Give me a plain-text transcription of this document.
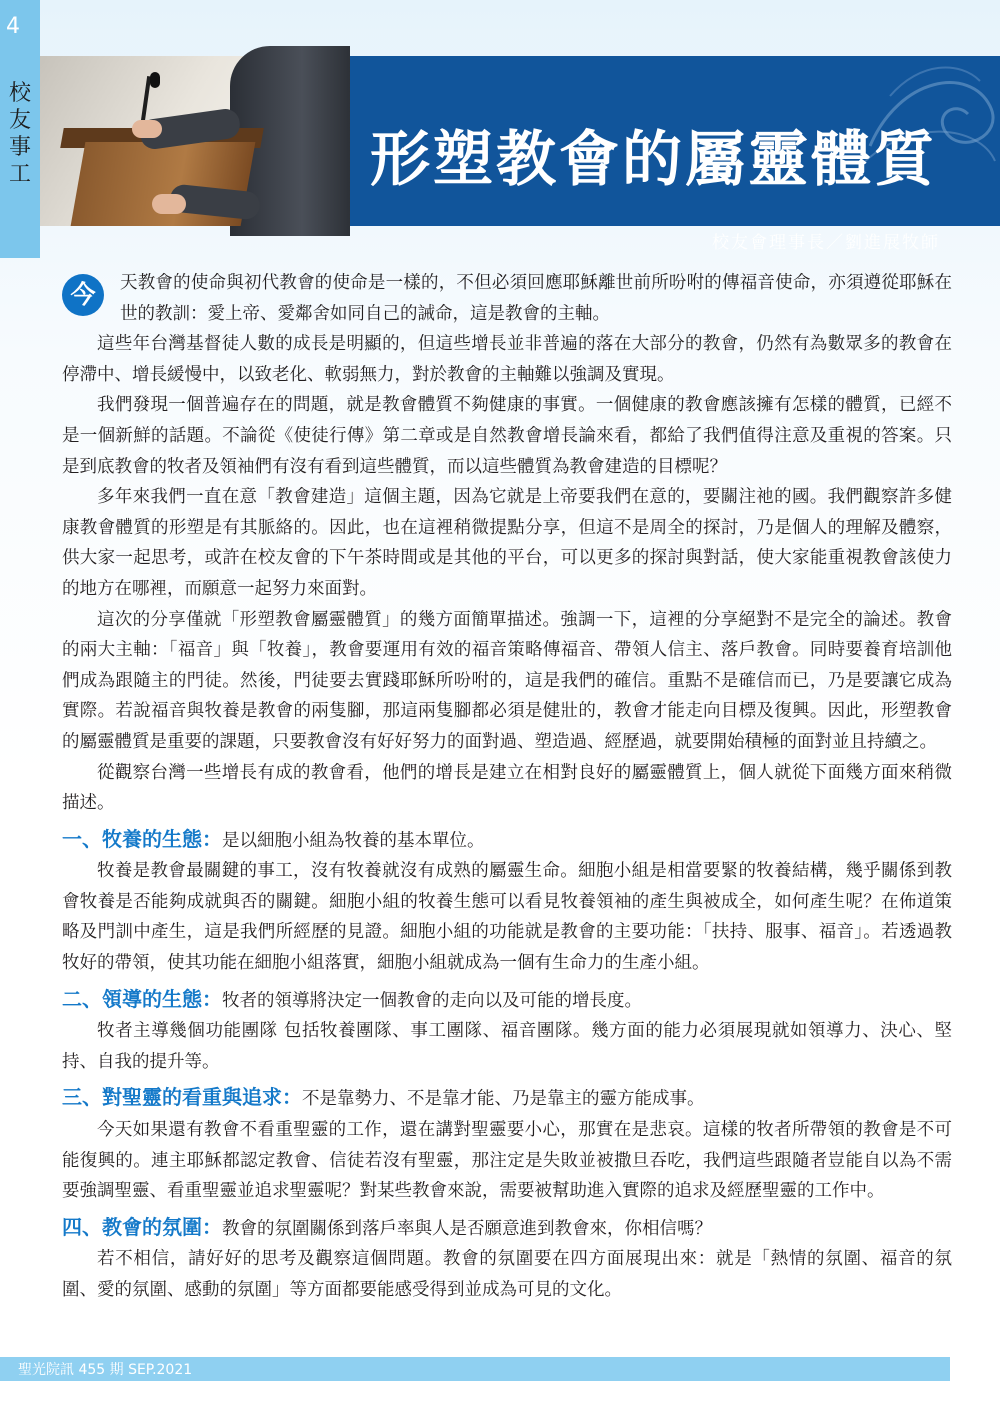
4
校
友
事
工	形塑教會的屬靈體質
校友會理事長／劉進展牧師

今	天教會的使命與初代教會的使命是一樣的，不但必須回應耶穌離世前所吩咐的傳福音使命，亦須遵從耶穌在世的教訓：愛上帝、愛鄰舍如同自己的誡命，這是教會的主軸。

這些年台灣基督徒人數的成長是明顯的，但這些增長並非普遍的落在大部分的教會，仍然有為數眾多的教會在停滯中、增長緩慢中，以致老化、軟弱無力，對於教會的主軸難以強調及實現。

我們發現一個普遍存在的問題，就是教會體質不夠健康的事實。一個健康的教會應該擁有怎樣的體質，已經不是一個新鮮的話題。不論從《使徒行傳》第二章或是自然教會增長論來看，都給了我們值得注意及重視的答案。只是到底教會的牧者及領袖們有沒有看到這些體質，而以這些體質為教會建造的目標呢？

多年來我們一直在意「教會建造」這個主題，因為它就是上帝要我們在意的，要關注祂的國。我們觀察許多健康教會體質的形塑是有其脈絡的。因此，也在這裡稍微提點分享，但這不是周全的探討，乃是個人的理解及體察，供大家一起思考，或許在校友會的下午茶時間或是其他的平台，可以更多的探討與對話，使大家能重視教會該使力的地方在哪裡，而願意一起努力來面對。

這次的分享僅就「形塑教會屬靈體質」的幾方面簡單描述。強調一下，這裡的分享絕對不是完全的論述。教會的兩大主軸：「福音」與「牧養」，教會要運用有效的福音策略傳福音、帶領人信主、落戶教會。同時要養育培訓他們成為跟隨主的門徒。然後，門徒要去實踐耶穌所吩咐的，這是我們的確信。重點不是確信而已，乃是要讓它成為實際。若說福音與牧養是教會的兩隻腳，那這兩隻腳都必須是健壯的，教會才能走向目標及復興。因此，形塑教會的屬靈體質是重要的課題，只要教會沒有好好努力的面對過、塑造過、經歷過，就要開始積極的面對並且持續之。

從觀察台灣一些增長有成的教會看，他們的增長是建立在相對良好的屬靈體質上，個人就從下面幾方面來稍微描述。

一、牧養的生態：是以細胞小組為牧養的基本單位。

牧養是教會最關鍵的事工，沒有牧養就沒有成熟的屬靈生命。細胞小組是相當要緊的牧養結構，幾乎關係到教會牧養是否能夠成就與否的關鍵。細胞小組的牧養生態可以看見牧養領袖的產生與被成全，如何產生呢？在佈道策略及門訓中產生，這是我們所經歷的見證。細胞小組的功能就是教會的主要功能：「扶持、服事、福音」。若透過教牧好的帶領，使其功能在細胞小組落實，細胞小組就成為一個有生命力的生產小組。

二、領導的生態：牧者的領導將決定一個教會的走向以及可能的增長度。

牧者主導幾個功能團隊 包括牧養團隊、事工團隊、福音團隊。幾方面的能力必須展現就如領導力、決心、堅持、自我的提升等。

三、對聖靈的看重與追求：不是靠勢力、不是靠才能、乃是靠主的靈方能成事。

今天如果還有教會不看重聖靈的工作，還在講對聖靈要小心，那實在是悲哀。這樣的牧者所帶領的教會是不可能復興的。連主耶穌都認定教會、信徒若沒有聖靈，那注定是失敗並被撒旦吞吃，我們這些跟隨者豈能自以為不需要強調聖靈、看重聖靈並追求聖靈呢？對某些教會來說，需要被幫助進入實際的追求及經歷聖靈的工作中。

四、教會的氛圍：教會的氛圍關係到落戶率與人是否願意進到教會來，你相信嗎？

若不相信，請好好的思考及觀察這個問題。教會的氛圍要在四方面展現出來：就是「熱情的氛圍、福音的氛圍、愛的氛圍、感動的氛圍」等方面都要能感受得到並成為可見的文化。

聖光院訊 455 期 SEP.2021
